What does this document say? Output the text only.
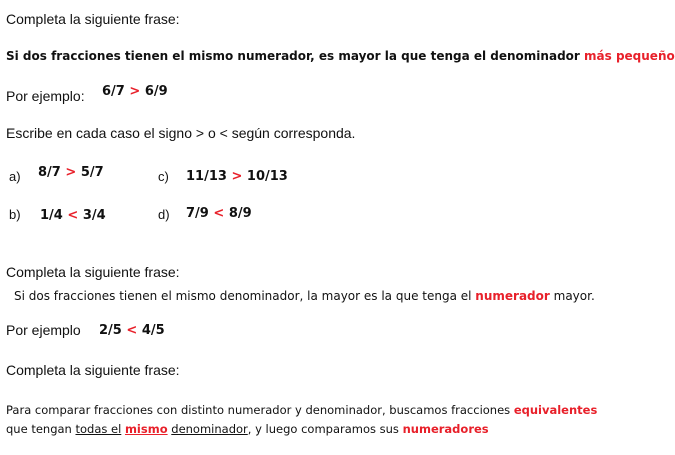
Completa la siguiente frase:
Si dos fracciones tienen el mismo numerador, es mayor la que tenga el denominador más pequeño
Por ejemplo: 6/7 > 6/9
Escribe en cada caso el signo > o < según corresponda.
a) 8/7 > 5/7	c) 11/13 > 10/13
b) 1/4 < 3/4	d) 7/9 < 8/9
Completa la siguiente frase:
Si dos fracciones tienen el mismo denominador, la mayor es la que tenga el numerador mayor.
Por ejemplo 2/5 < 4/5
Completa la siguiente frase:
Para comparar fracciones con distinto numerador y denominador, buscamos fracciones equivalentes
que tengan todas el mismo denominador, y luego comparamos sus numeradores
